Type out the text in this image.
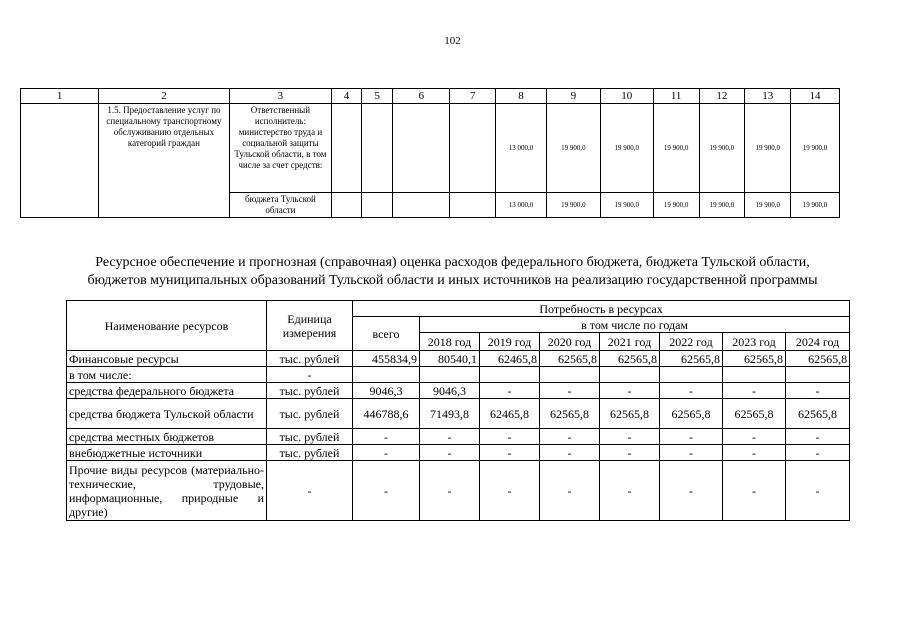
102
1	2	3	4	5	6	7	8	9	10	11	12	13	14
	1.5. Предоставление услуг по специальному транспортному обслуживанию отдельных категорий граждан	Ответственный исполнитель: министерство труда и социальной защиты Тульской области, в том числе за счет средств:					13 000,0	19 900,0	19 900,0	19 900,0	19 900,0	19 900,0	19 900,0
		бюджета Тульской области					13 000,0	19 900,0	19 900,0	19 900,0	19 900,0	19 900,0	19 900,0
Ресурсное обеспечение и прогнозная (справочная) оценка расходов федерального бюджета, бюджета Тульской области,
бюджетов муниципальных образований Тульской области и иных источников на реализацию государственной программы
Наименование ресурсов	Единица измерения	Потребность в ресурсах							
		всего	в том числе по годам						
			2018 год	2019 год	2020 год	2021 год	2022 год	2023 год	2024 год
Финансовые ресурсы	тыс. рублей	455834,9	80540,1	62465,8	62565,8	62565,8	62565,8	62565,8	62565,8
в том числе:	-								
средства федерального бюджета	тыс. рублей	9046,3	9046,3	-	-	-	-	-	-
средства бюджета Тульской области	тыс. рублей	446788,6	71493,8	62465,8	62565,8	62565,8	62565,8	62565,8	62565,8
средства местных бюджетов	тыс. рублей	-	-	-	-	-	-	-	-
внебюджетные источники	тыс. рублей	-	-	-	-	-	-	-	-
Прочие виды ресурсов (материально-технические, трудовые, информационные, природные и другие)	-	-	-	-	-	-	-	-	-
